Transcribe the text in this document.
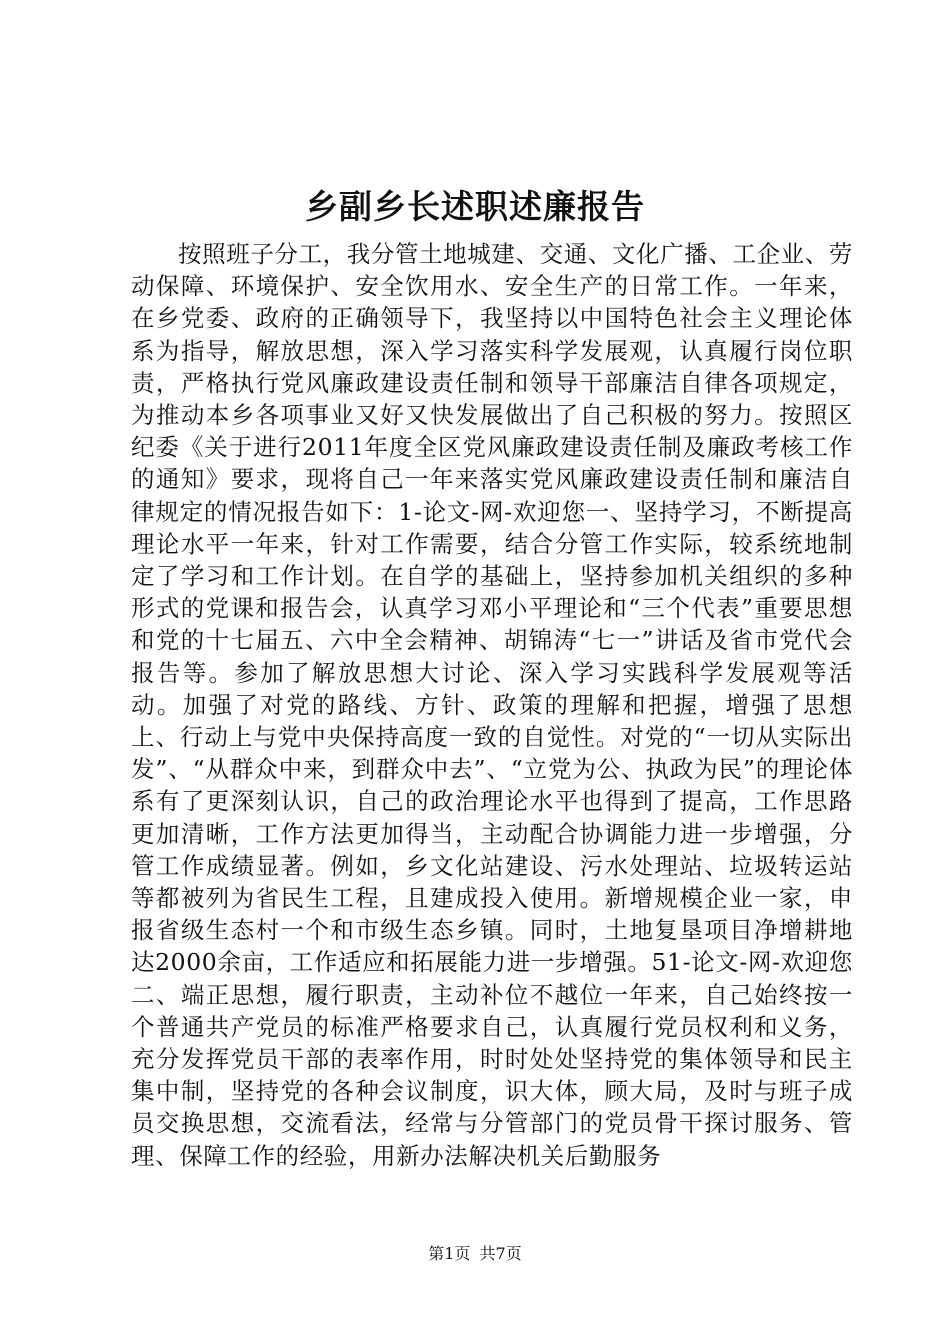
乡副乡长述职述廉报告

按照班子分工，我分管土地城建、交通、文化广播、工企业、劳动保障、环境保护、安全饮用水、安全生产的日常工作。一年来，在乡党委、政府的正确领导下，我坚持以中国特色社会主义理论体系为指导，解放思想，深入学习落实科学发展观，认真履行岗位职责，严格执行党风廉政建设责任制和领导干部廉洁自律各项规定，为推动本乡各项事业又好又快发展做出了自己积极的努力。按照区纪委《关于进行2011年度全区党风廉政建设责任制及廉政考核工作的通知》要求，现将自己一年来落实党风廉政建设责任制和廉洁自律规定的情况报告如下：1-论文-网-欢迎您一、坚持学习，不断提高理论水平一年来，针对工作需要，结合分管工作实际，较系统地制定了学习和工作计划。在自学的基础上，坚持参加机关组织的多种形式的党课和报告会，认真学习邓小平理论和“三个代表”重要思想和党的十七届五、六中全会精神、胡锦涛“七一”讲话及省市党代会报告等。参加了解放思想大讨论、深入学习实践科学发展观等活动。加强了对党的路线、方针、政策的理解和把握，增强了思想上、行动上与党中央保持高度一致的自觉性。对党的“一切从实际出发”、“从群众中来，到群众中去”、“立党为公、执政为民”的理论体系有了更深刻认识，自己的政治理论水平也得到了提高，工作思路更加清晰，工作方法更加得当，主动配合协调能力进一步增强，分管工作成绩显著。例如，乡文化站建设、污水处理站、垃圾转运站等都被列为省民生工程，且建成投入使用。新增规模企业一家，申报省级生态村一个和市级生态乡镇。同时，土地复垦项目净增耕地达2000余亩，工作适应和拓展能力进一步增强。51-论文-网-欢迎您二、端正思想，履行职责，主动补位不越位一年来，自己始终按一个普通共产党员的标准严格要求自己，认真履行党员权利和义务，充分发挥党员干部的表率作用，时时处处坚持党的集体领导和民主集中制，坚持党的各种会议制度，识大体，顾大局，及时与班子成员交换思想，交流看法，经常与分管部门的党员骨干探讨服务、管理、保障工作的经验，用新办法解决机关后勤服务

第1页 共7页
